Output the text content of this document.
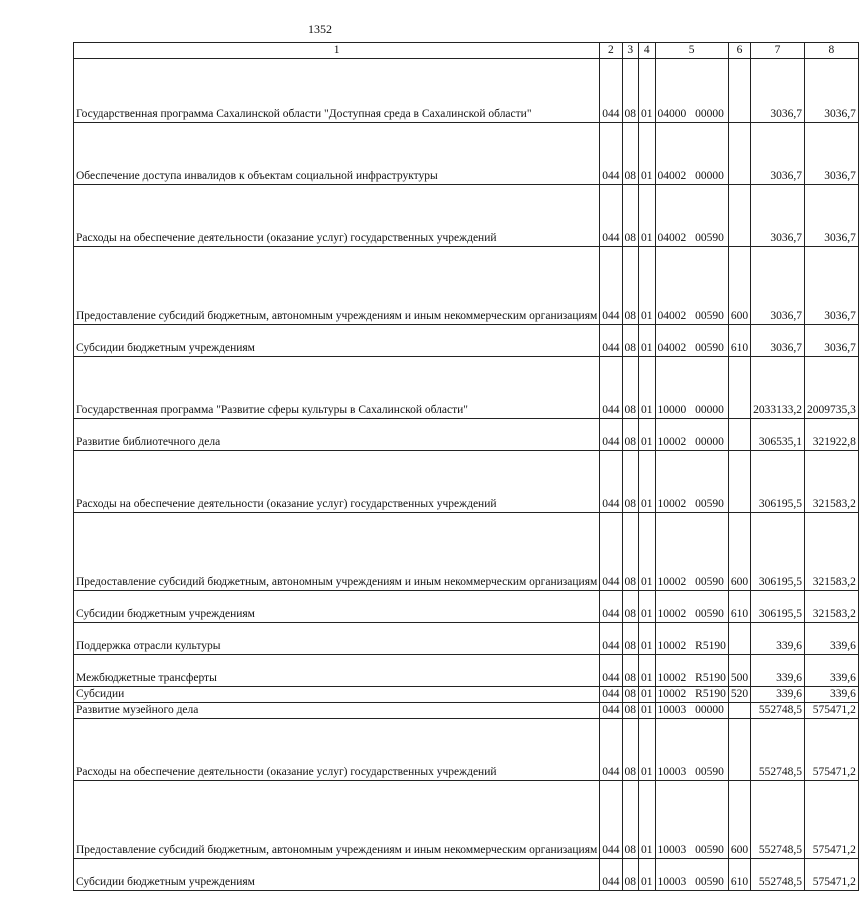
1352
1	2	3	4	5	6	7	8
Государственная программа Сахалинской области "Доступная среда в Сахалинской области"	044	08	01	04000 00000		3036,7	3036,7
Обеспечение доступа инвалидов к объектам социальной инфраструктуры	044	08	01	04002 00000		3036,7	3036,7
Расходы на обеспечение деятельности (оказание услуг) государственных учреждений	044	08	01	04002 00590		3036,7	3036,7
Предоставление субсидий бюджетным, автономным учреждениям и иным некоммерческим организациям	044	08	01	04002 00590	600	3036,7	3036,7
Субсидии бюджетным учреждениям	044	08	01	04002 00590	610	3036,7	3036,7
Государственная программа "Развитие сферы культуры в Сахалинской области"	044	08	01	10000 00000		2033133,2	2009735,3
Развитие библиотечного дела	044	08	01	10002 00000		306535,1	321922,8
Расходы на обеспечение деятельности (оказание услуг) государственных учреждений	044	08	01	10002 00590		306195,5	321583,2
Предоставление субсидий бюджетным, автономным учреждениям и иным некоммерческим организациям	044	08	01	10002 00590	600	306195,5	321583,2
Субсидии бюджетным учреждениям	044	08	01	10002 00590	610	306195,5	321583,2
Поддержка отрасли культуры	044	08	01	10002 R5190		339,6	339,6
Межбюджетные трансферты	044	08	01	10002 R5190	500	339,6	339,6
Субсидии	044	08	01	10002 R5190	520	339,6	339,6
Развитие музейного дела	044	08	01	10003 00000		552748,5	575471,2
Расходы на обеспечение деятельности (оказание услуг) государственных учреждений	044	08	01	10003 00590		552748,5	575471,2
Предоставление субсидий бюджетным, автономным учреждениям и иным некоммерческим организациям	044	08	01	10003 00590	600	552748,5	575471,2
Субсидии бюджетным учреждениям	044	08	01	10003 00590	610	552748,5	575471,2
